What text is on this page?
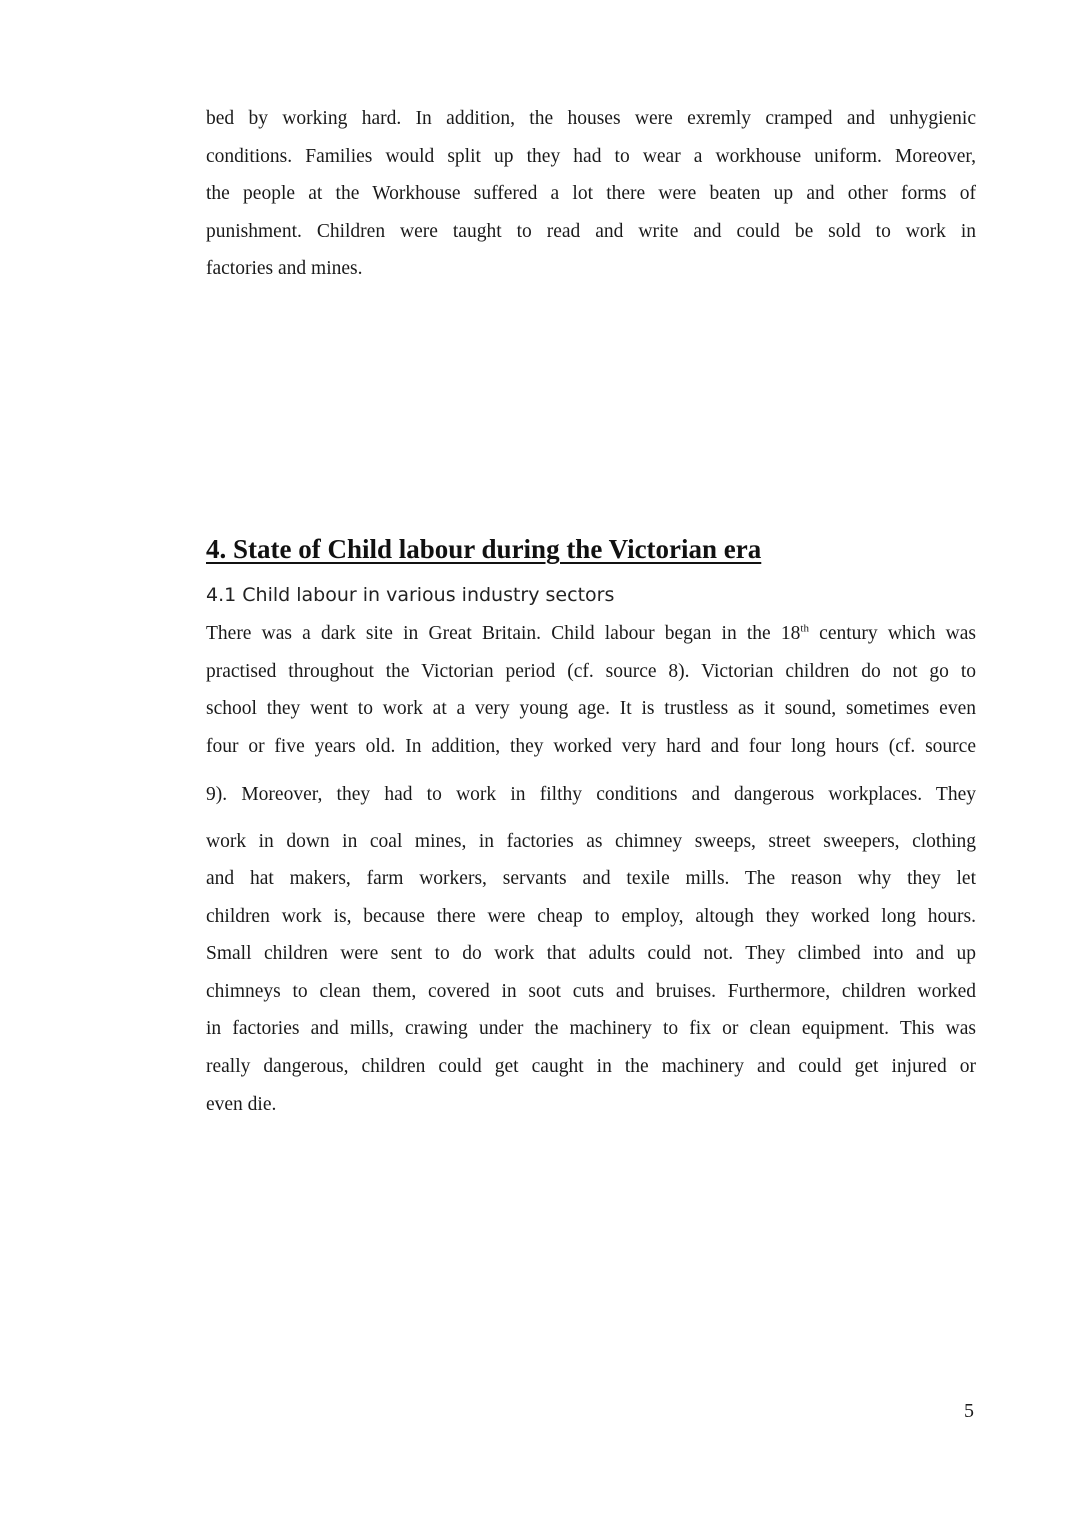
bed by working hard. In addition, the houses were exremly cramped and unhygienic
conditions. Families would split up they had to wear a workhouse uniform. Moreover,
the people at the Workhouse suffered a lot there were beaten up and other forms of
punishment. Children were taught to read and write and could be sold to work in
factories and mines.
4. State of Child labour during the Victorian era
4.1 Child labour in various industry sectors
There was a dark site in Great Britain. Child labour began in the 18th century which was
practised throughout the Victorian period (cf. source 8). Victorian children do not go to
school they went to work at a very young age. It is trustless as it sound, sometimes even
four or five years old. In addition, they worked very hard and four long hours (cf. source
9). Moreover, they had to work in filthy conditions and dangerous workplaces. They
work in down in coal mines, in factories as chimney sweeps, street sweepers, clothing
and hat makers, farm workers, servants and texile mills. The reason why they let
children work is, because there were cheap to employ, altough they worked long hours.
Small children were sent to do work that adults could not. They climbed into and up
chimneys to clean them, covered in soot cuts and bruises. Furthermore, children worked
in factories and mills, crawing under the machinery to fix or clean equipment. This was
really dangerous, children could get caught in the machinery and could get injured or
even die.
5
